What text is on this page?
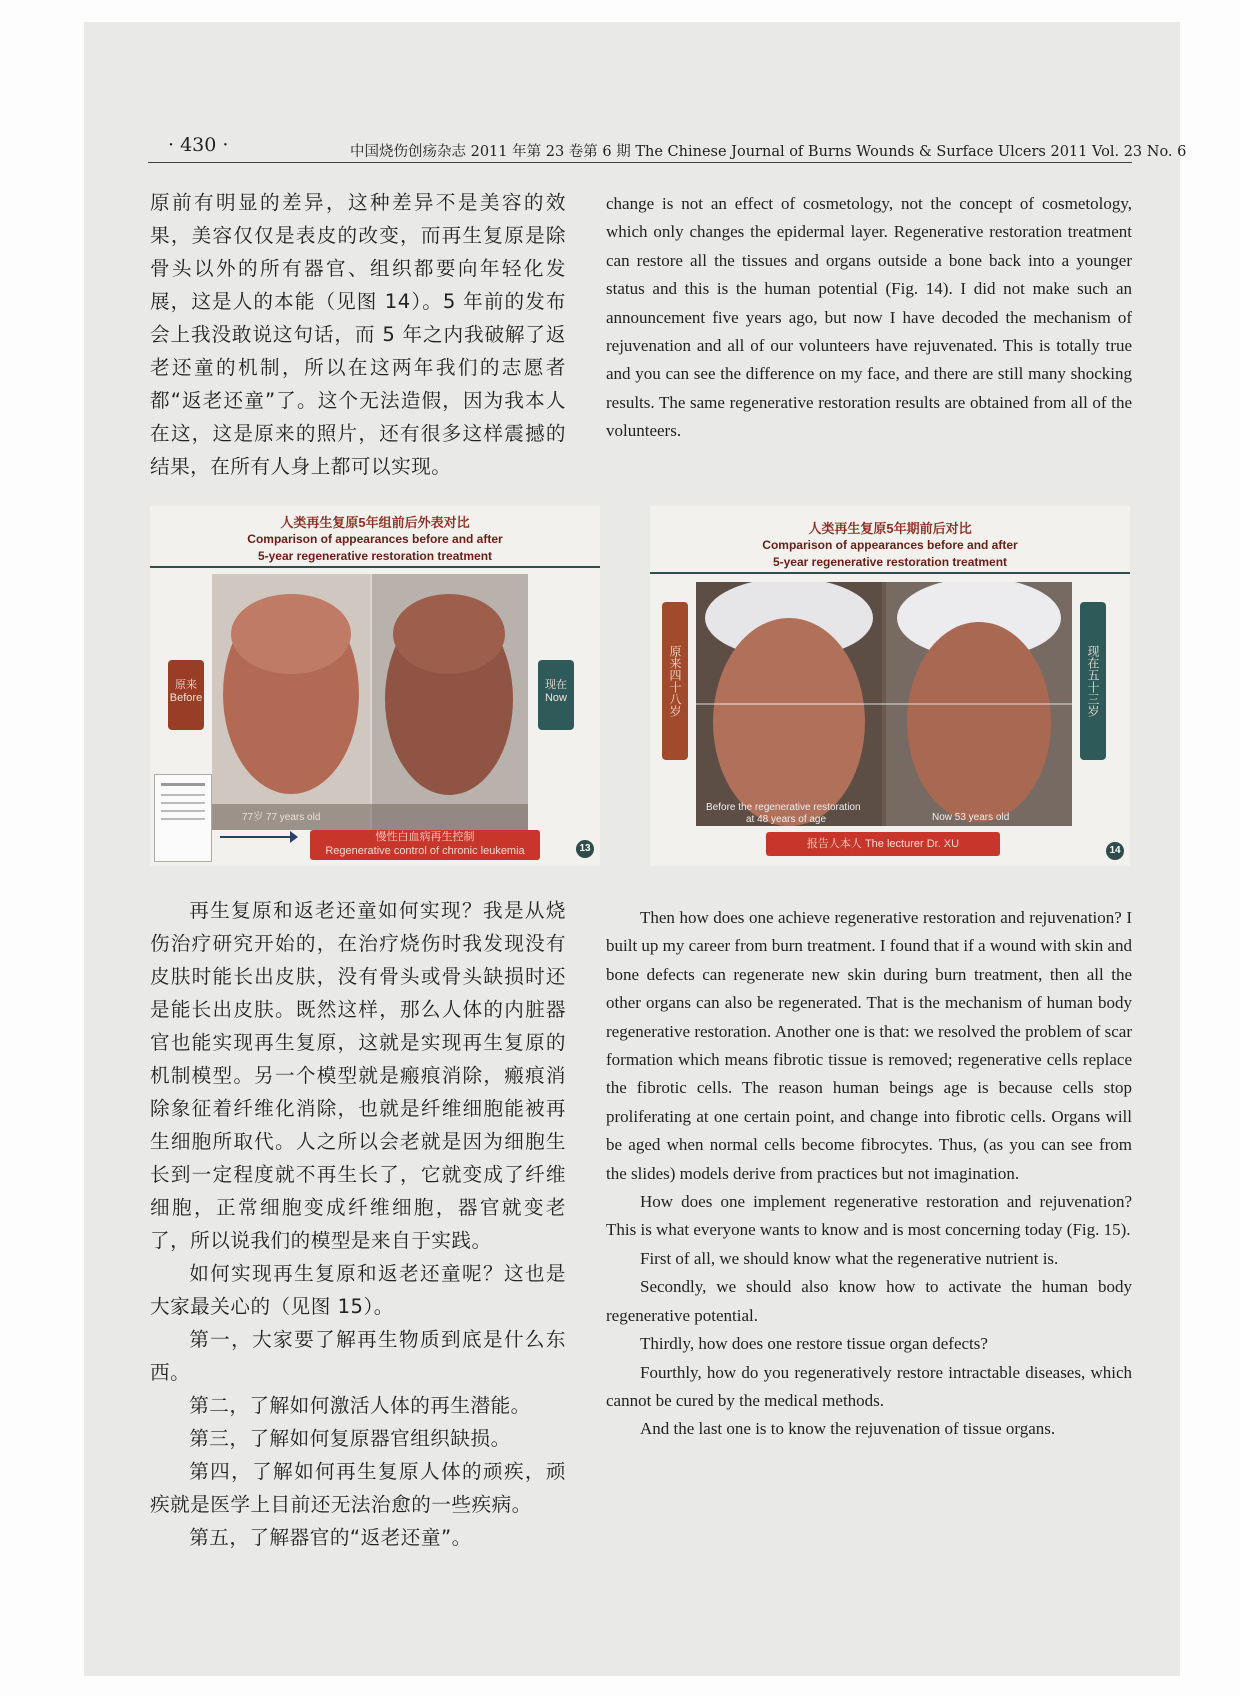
· 430 ·	中国烧伤创疡杂志 2011 年第 23 卷第 6 期 The Chinese Journal of Burns Wounds & Surface Ulcers 2011 Vol. 23 No. 6

原前有明显的差异，这种差异不是美容的效果，美容仅仅是表皮的改变，而再生复原是除骨头以外的所有器官、组织都要向年轻化发展，这是人的本能（见图 14）。5 年前的发布会上我没敢说这句话，而 5 年之内我破解了返老还童的机制，所以在这两年我们的志愿者都“返老还童”了。这个无法造假，因为我本人在这，这是原来的照片，还有很多这样震撼的结果，在所有人身上都可以实现。

change is not an effect of cosmetology, not the concept of cosmetology, which only changes the epidermal layer. Regenerative restoration treatment can restore all the tissues and organs outside a bone back into a younger status and this is the human potential (Fig. 14). I did not make such an announcement five years ago, but now I have decoded the mechanism of rejuvenation and all of our volunteers have rejuvenated. This is totally true and you can see the difference on my face, and there are still many shocking results. The same regenerative restoration results are obtained from all of the volunteers.

人类再生复原5年组前后外表对比
Comparison of appearances before and after
5-year regenerative restoration treatment
原来
Before
现在
Now
77岁 77 years old
慢性白血病再生控制
Regenerative control of chronic leukemia	13
人类再生复原5年期前后对比
Comparison of appearances before and after
5-year regenerative restoration treatment
原来四十八岁	现在五十三岁
Before the regenerative restoration
at 48 years of age	Now 53 years old
报告人本人 The lecturer Dr. XU
14

再生复原和返老还童如何实现？我是从烧伤治疗研究开始的，在治疗烧伤时我发现没有皮肤时能长出皮肤，没有骨头或骨头缺损时还是能长出皮肤。既然这样，那么人体的内脏器官也能实现再生复原，这就是实现再生复原的机制模型。另一个模型就是瘢痕消除，瘢痕消除象征着纤维化消除，也就是纤维细胞能被再生细胞所取代。人之所以会老就是因为细胞生长到一定程度就不再生长了，它就变成了纤维细胞，正常细胞变成纤维细胞，器官就变老了，所以说我们的模型是来自于实践。

如何实现再生复原和返老还童呢？这也是大家最关心的（见图 15）。

第一，大家要了解再生物质到底是什么东西。

第二，了解如何激活人体的再生潜能。

第三，了解如何复原器官组织缺损。

第四，了解如何再生复原人体的顽疾，顽疾就是医学上目前还无法治愈的一些疾病。

第五，了解器官的“返老还童”。

Then how does one achieve regenerative restoration and rejuvenation? I built up my career from burn treatment. I found that if a wound with skin and bone defects can regenerate new skin during burn treatment, then all the other organs can also be regenerated. That is the mechanism of human body regenerative restoration. Another one is that: we resolved the problem of scar formation which means fibrotic tissue is removed; regenerative cells replace the fibrotic cells. The reason human beings age is because cells stop proliferating at one certain point, and change into fibrotic cells. Organs will be aged when normal cells become fibrocytes. Thus, (as you can see from the slides) models derive from practices but not imagination.

How does one implement regenerative restoration and rejuvenation? This is what everyone wants to know and is most concerning today (Fig. 15).

First of all, we should know what the regenerative nutrient is.

Secondly, we should also know how to activate the human body regenerative potential.

Thirdly, how does one restore tissue organ defects?

Fourthly, how do you regeneratively restore intractable diseases, which cannot be cured by the medical methods.

And the last one is to know the rejuvenation of tissue organs.
